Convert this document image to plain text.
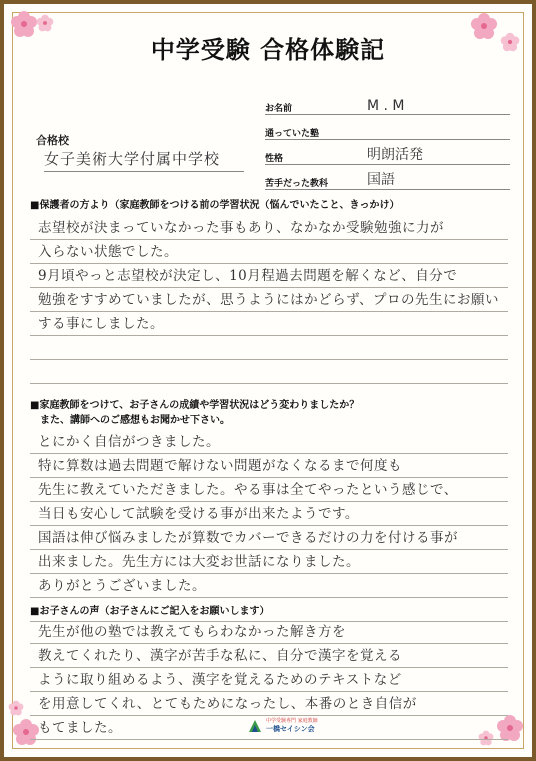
中学受験 合格体験記
お名前	M . M
通っていた塾
性格	明朗活発
苦手だった教科	国語
合格校
女子美術大学付属中学校
■保護者の方より（家庭教師をつける前の学習状況（悩んでいたこと、きっかけ）
志望校が決まっていなかった事もあり、なかなか受験勉強に力が
入らない状態でした。
9月頃やっと志望校が決定し、10月程過去問題を解くなど、自分で
勉強をすすめていましたが、思うようにはかどらず、プロの先生にお願い
する事にしました。
■家庭教師をつけて、お子さんの成績や学習状況はどう変わりましたか？
また、講師へのご感想もお聞かせ下さい。
とにかく自信がつきました。
特に算数は過去問題で解けない問題がなくなるまで何度も
先生に教えていただきました。やる事は全てやったという感じで、
当日も安心して試験を受ける事が出来たようです。
国語は伸び悩みましたが算数でカバーできるだけの力を付ける事が
出来ました。先生方には大変お世話になりました。
ありがとうございました。
■お子さんの声（お子さんにご記入をお願いします）
先生が他の塾では教えてもらわなかった解き方を
教えてくれたり、漢字が苦手な私に、自分で漢字を覚える
ように取り組めるよう、漢字を覚えるためのテキストなど
を用意してくれ、とてもためになったし、本番のとき自信が
もてました。	中学受験専門 家庭教師
一橋セイシン会
